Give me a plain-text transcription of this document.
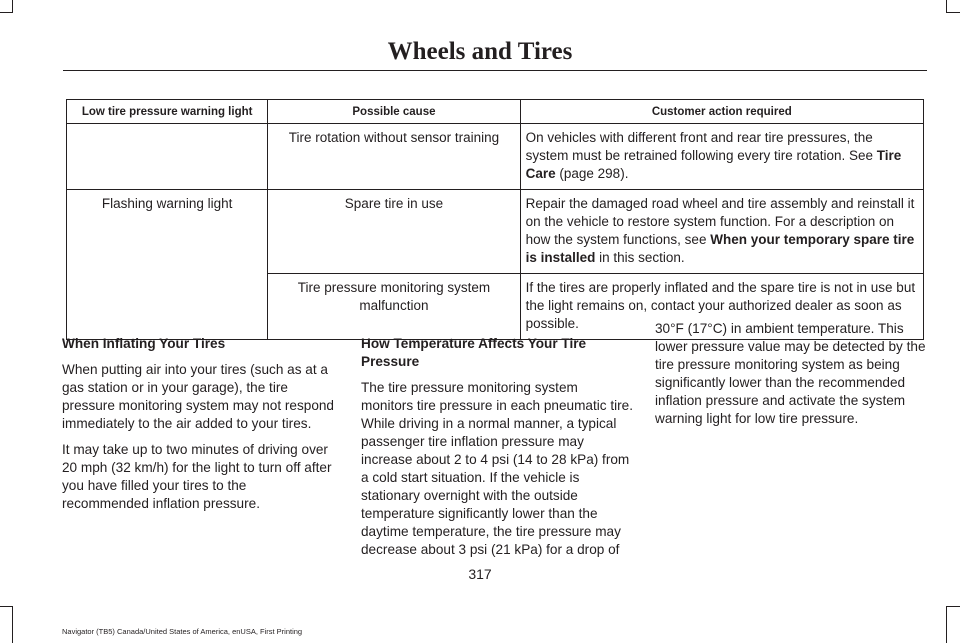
Wheels and Tires
Low tire pressure warning light	Possible cause	Customer action required
	Tire rotation without sensor training	On vehicles with different front and rear tire pressures, the system must be retrained following every tire rotation. See Tire Care (page 298).
Flashing warning light	Spare tire in use	Repair the damaged road wheel and tire assembly and reinstall it on the vehicle to restore system function. For a description on how the system functions, see When your temporary spare tire is installed in this section.
	Tire pressure monitoring system malfunction	If the tires are properly inflated and the spare tire is not in use but the light remains on, contact your authorized dealer as soon as possible.
When Inflating Your Tires

When putting air into your tires (such as at a gas station or in your garage), the tire pressure monitoring system may not respond immediately to the air added to your tires.

It may take up to two minutes of driving over 20 mph (32 km/h) for the light to turn off after you have filled your tires to the recommended inflation pressure.

How Temperature Affects Your Tire Pressure

The tire pressure monitoring system monitors tire pressure in each pneumatic tire. While driving in a normal manner, a typical passenger tire inflation pressure may increase about 2 to 4 psi (14 to 28 kPa) from a cold start situation. If the vehicle is stationary overnight with the outside temperature significantly lower than the daytime temperature, the tire pressure may decrease about 3 psi (21 kPa) for a drop of

30°F (17°C) in ambient temperature. This lower pressure value may be detected by the tire pressure monitoring system as being significantly lower than the recommended inflation pressure and activate the system warning light for low tire pressure.

317
Navigator (TB5) Canada/United States of America, enUSA, First Printing
